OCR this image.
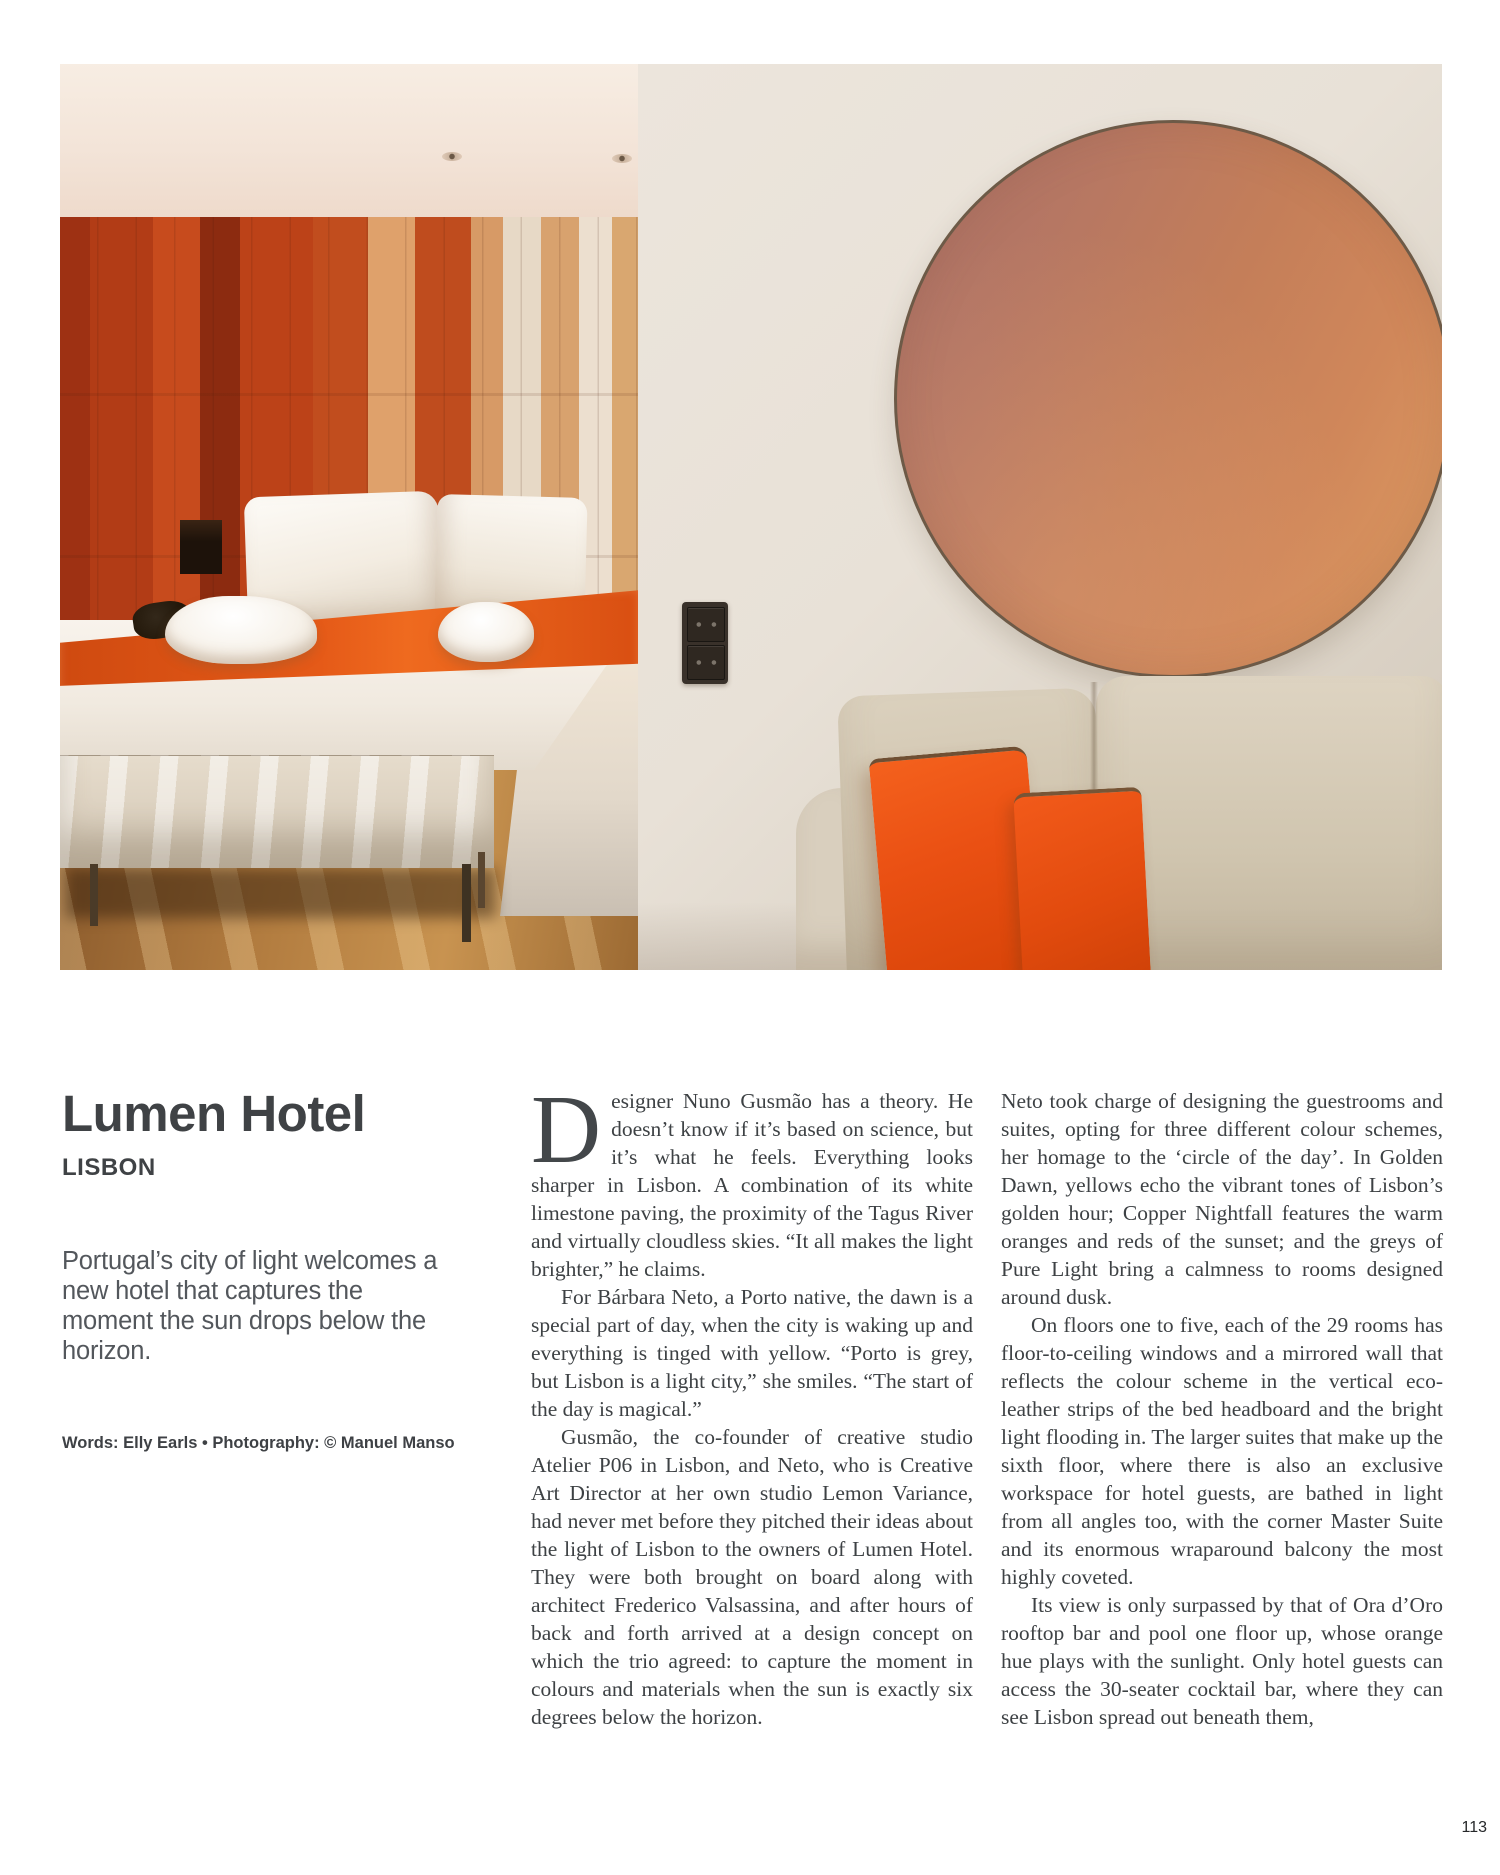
Lumen Hotel
LISBON

Portugal’s city of light welcomes a new hotel that captures the moment the sun drops below the horizon.

Words: Elly Earls • Photography: © Manuel Manso

Designer Nuno Gusmão has a theory. He doesn’t know if it’s based on science, but it’s what he feels. Everything looks sharper in Lisbon. A combination of its white limestone paving, the proximity of the Tagus River and virtually cloudless skies. “It all makes the light brighter,” he claims.

For Bárbara Neto, a Porto native, the dawn is a special part of day, when the city is waking up and everything is tinged with yellow. “Porto is grey, but Lisbon is a light city,” she smiles. “The start of the day is magical.”

Gusmão, the co-founder of creative studio Atelier P06 in Lisbon, and Neto, who is Creative Art Director at her own studio Lemon Variance, had never met before they pitched their ideas about the light of Lisbon to the owners of Lumen Hotel. They were both brought on board along with architect Frederico Valsassina, and after hours of back and forth arrived at a design concept on which the trio agreed: to capture the moment in colours and materials when the sun is exactly six degrees below the horizon.

Neto took charge of designing the guestrooms and suites, opting for three different colour schemes, her homage to the ‘circle of the day’. In Golden Dawn, yellows echo the vibrant tones of Lisbon’s golden hour; Copper Nightfall features the warm oranges and reds of the sunset; and the greys of Pure Light bring a calmness to rooms designed around dusk.

On floors one to five, each of the 29 rooms has floor-to-ceiling windows and a mirrored wall that reflects the colour scheme in the vertical eco-leather strips of the bed headboard and the bright light flooding in. The larger suites that make up the sixth floor, where there is also an exclusive workspace for hotel guests, are bathed in light from all angles too, with the corner Master Suite and its enormous wraparound balcony the most highly coveted.

Its view is only surpassed by that of Ora d’Oro rooftop bar and pool one floor up, whose orange hue plays with the sunlight. Only hotel guests can access the 30-seater cocktail bar, where they can see Lisbon spread out beneath them,

113
